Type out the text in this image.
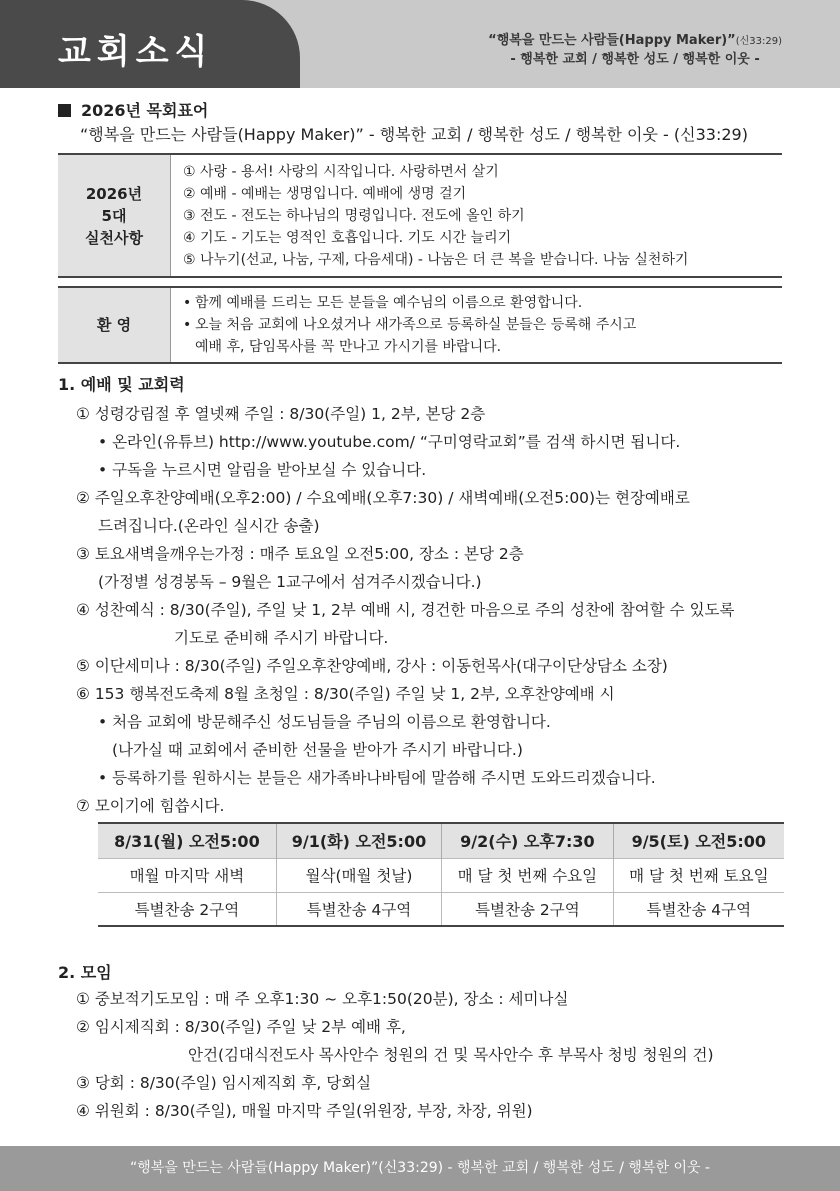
교회소식	“행복을 만드는 사람들(Happy Maker)”(신33:29)
- 행복한 교회 / 행복한 성도 / 행복한 이웃 -
2026년 목회표어
“행복을 만드는 사람들(Happy Maker)” - 행복한 교회 / 행복한 성도 / 행복한 이웃 - (신33:29)
2026년
5대
실천사항
① 사랑 - 용서! 사랑의 시작입니다. 사랑하면서 살기
② 예배 - 예배는 생명입니다. 예배에 생명 걸기
③ 전도 - 전도는 하나님의 명령입니다. 전도에 올인 하기
④ 기도 - 기도는 영적인 호흡입니다. 기도 시간 늘리기
⑤ 나누기(선교, 나눔, 구제, 다음세대) - 나눔은 더 큰 복을 받습니다. 나눔 실천하기
환 영
• 함께 예배를 드리는 모든 분들을 예수님의 이름으로 환영합니다.
• 오늘 처음 교회에 나오셨거나 새가족으로 등록하실 분들은 등록해 주시고
예배 후, 담임목사를 꼭 만나고 가시기를 바랍니다.
1. 예배 및 교회력
① 성령강림절 후 열넷째 주일 : 8/30(주일) 1, 2부, 본당 2층
• 온라인(유튜브) http://www.youtube.com/ “구미영락교회”를 검색 하시면 됩니다.
• 구독을 누르시면 알림을 받아보실 수 있습니다.
② 주일오후찬양예배(오후2:00) / 수요예배(오후7:30) / 새벽예배(오전5:00)는 현장예배로
드려집니다.(온라인 실시간 송출)
③ 토요새벽을깨우는가정 : 매주 토요일 오전5:00, 장소 : 본당 2층
(가정별 성경봉독 – 9월은 1교구에서 섬겨주시겠습니다.)
④ 성찬예식 : 8/30(주일), 주일 낮 1, 2부 예배 시, 경건한 마음으로 주의 성찬에 참여할 수 있도록
기도로 준비해 주시기 바랍니다.
⑤ 이단세미나 : 8/30(주일) 주일오후찬양예배, 강사 : 이동헌목사(대구이단상담소 소장)
⑥ 153 행복전도축제 8월 초청일 : 8/30(주일) 주일 낮 1, 2부, 오후찬양예배 시
• 처음 교회에 방문해주신 성도님들을 주님의 이름으로 환영합니다.
(나가실 때 교회에서 준비한 선물을 받아가 주시기 바랍니다.)
• 등록하기를 원하시는 분들은 새가족바나바팀에 말씀해 주시면 도와드리겠습니다.
⑦ 모이기에 힘씁시다.
8/31(월) 오전5:00	9/1(화) 오전5:00	9/2(수) 오후7:30	9/5(토) 오전5:00
매월 마지막 새벽	월삭(매월 첫날)	매 달 첫 번째 수요일	매 달 첫 번째 토요일
특별찬송 2구역	특별찬송 4구역	특별찬송 2구역	특별찬송 4구역
2. 모임
① 중보적기도모임 : 매 주 오후1:30 ~ 오후1:50(20분), 장소 : 세미나실
② 임시제직회 : 8/30(주일) 주일 낮 2부 예배 후,
안건(김대식전도사 목사안수 청원의 건 및 목사안수 후 부목사 청빙 청원의 건)
③ 당회 : 8/30(주일) 임시제직회 후, 당회실
④ 위원회 : 8/30(주일), 매월 마지막 주일(위원장, 부장, 차장, 위원)
“행복을 만드는 사람들(Happy Maker)”(신33:29) - 행복한 교회 / 행복한 성도 / 행복한 이웃 -
